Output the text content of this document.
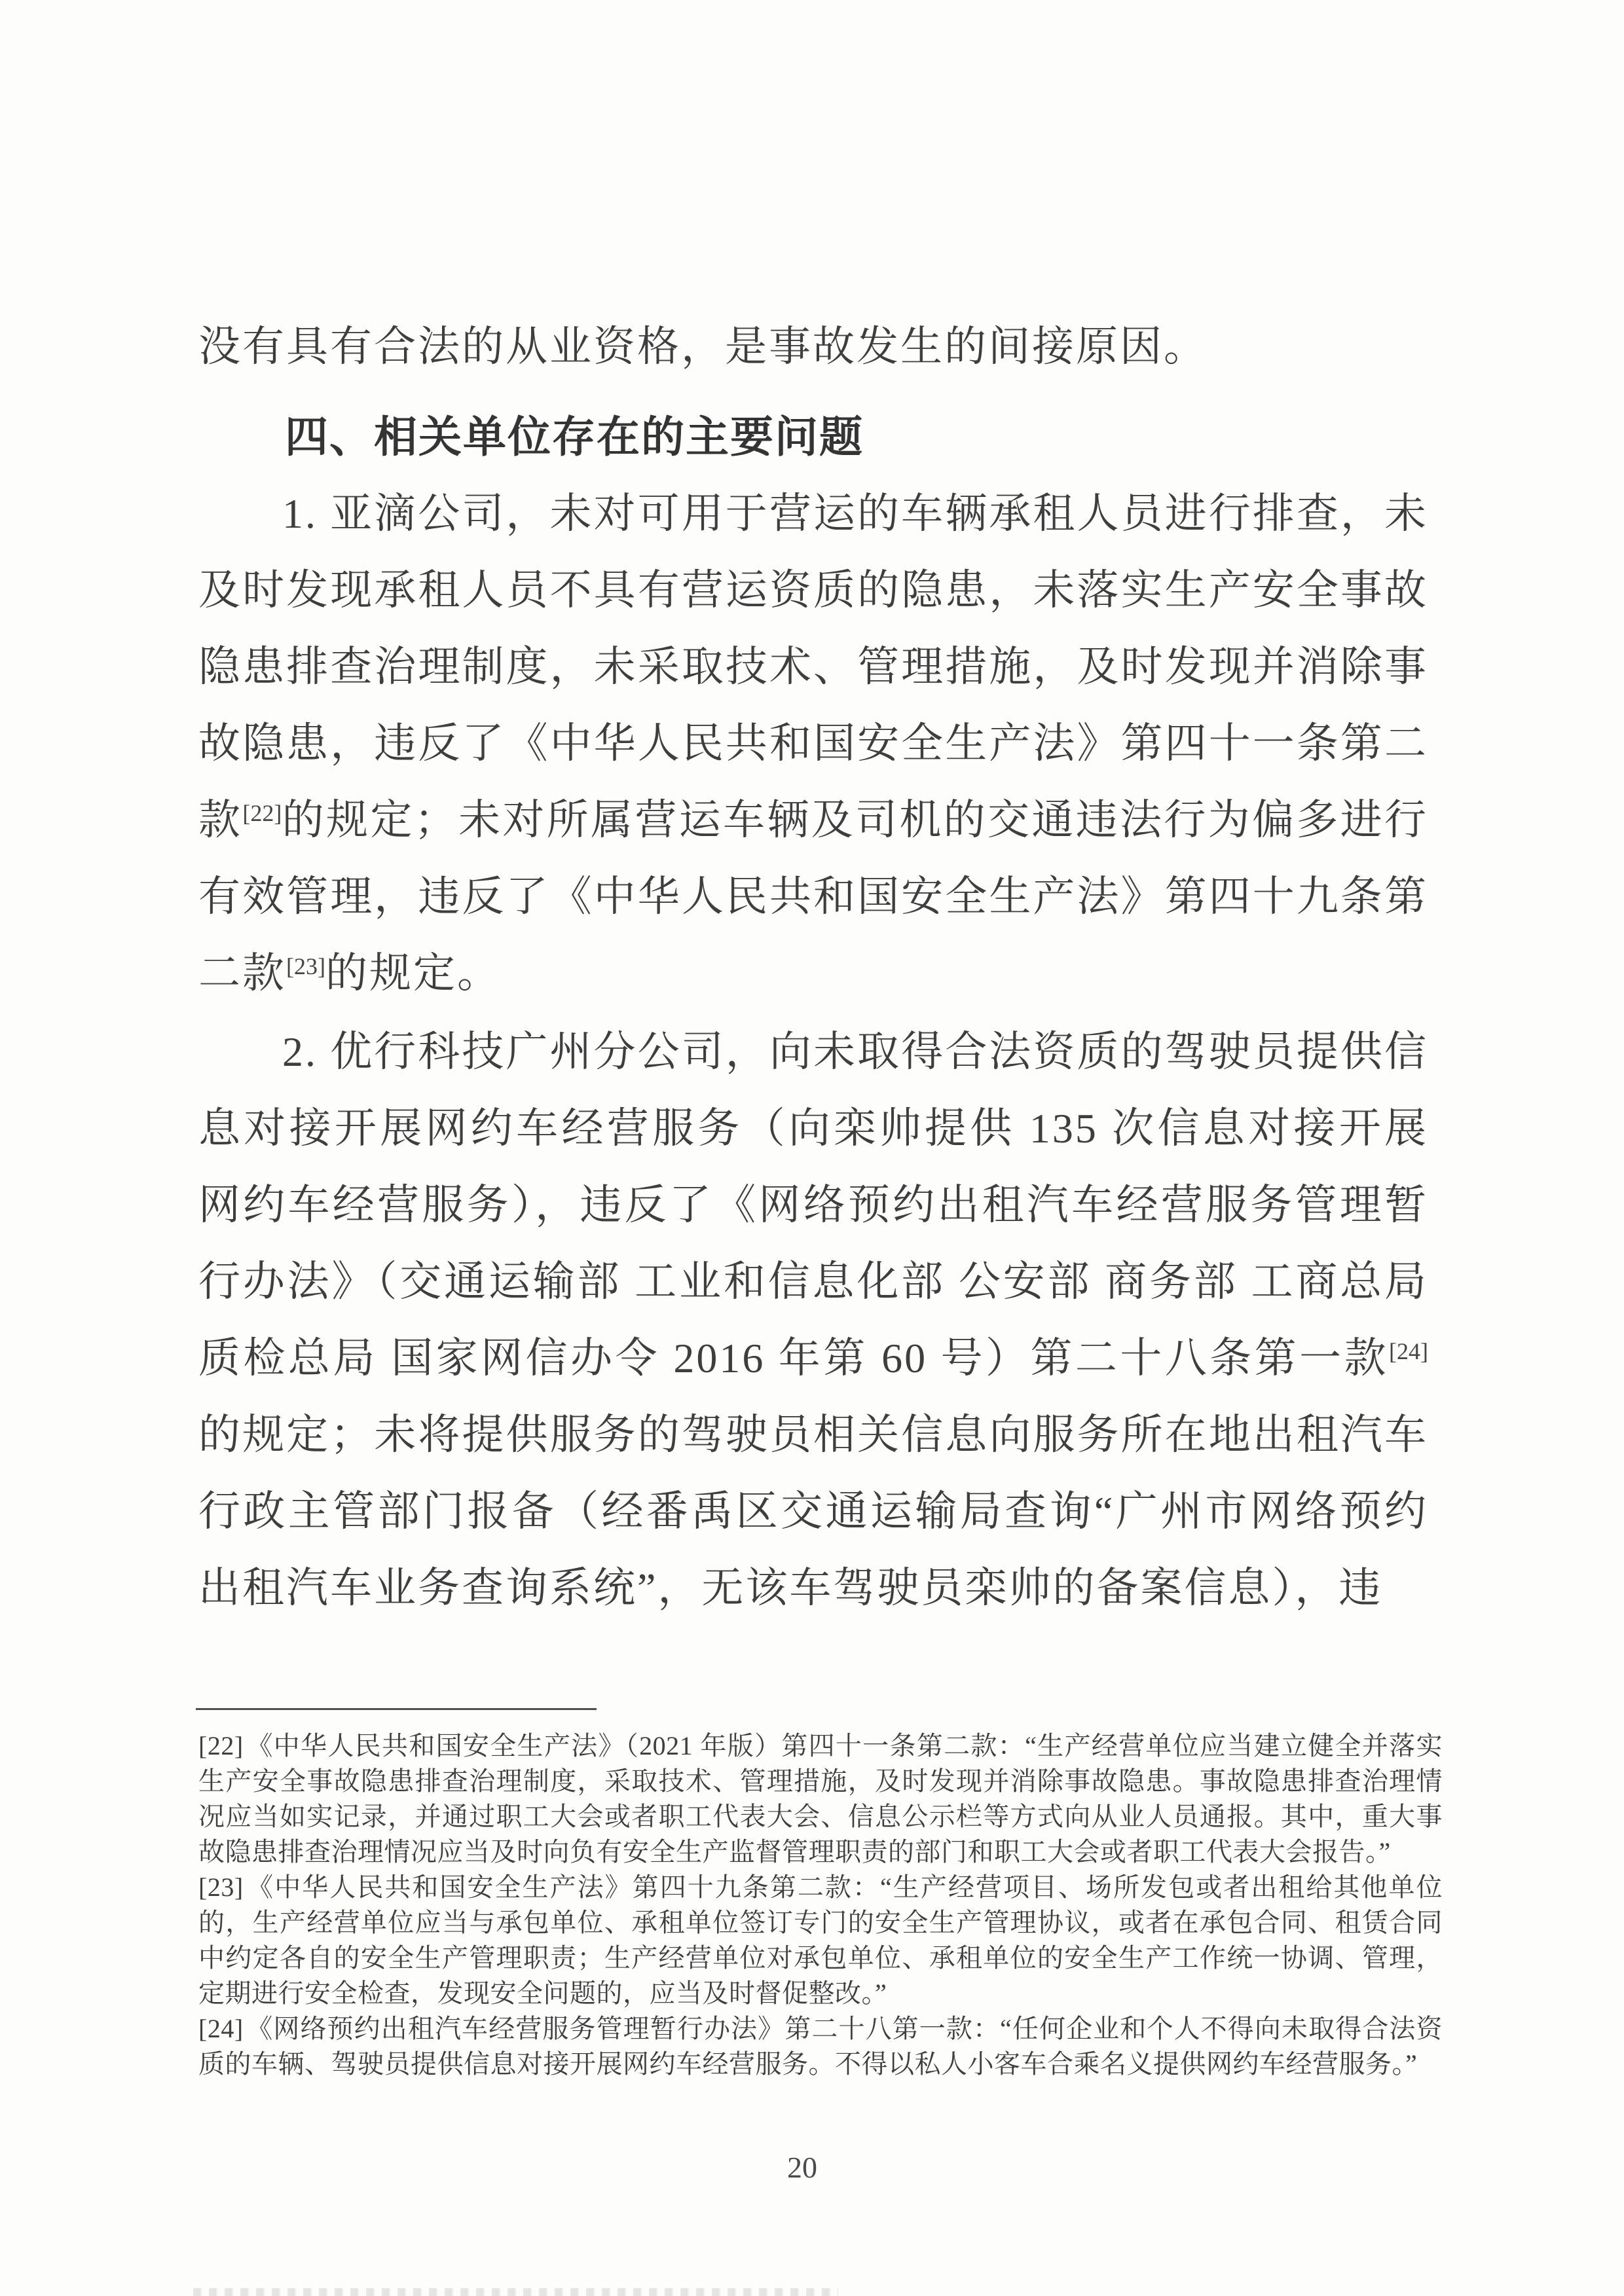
没有具有合法的从业资格，是事故发生的间接原因。

四、相关单位存在的主要问题

1. 亚滴公司，未对可用于营运的车辆承租人员进行排查，未及时发现承租人员不具有营运资质的隐患，未落实生产安全事故隐患排查治理制度，未采取技术、管理措施，及时发现并消除事故隐患，违反了《中华人民共和国安全生产法》第四十一条第二款[22]的规定；未对所属营运车辆及司机的交通违法行为偏多进行有效管理，违反了《中华人民共和国安全生产法》第四十九条第二款[23]的规定。

2. 优行科技广州分公司，向未取得合法资质的驾驶员提供信息对接开展网约车经营服务（向栾帅提供 135 次信息对接开展网约车经营服务），违反了《网络预约出租汽车经营服务管理暂行办法》（交通运输部 工业和信息化部 公安部 商务部 工商总局 质检总局 国家网信办令 2016 年第 60 号）第二十八条第一款[24]的规定；未将提供服务的驾驶员相关信息向服务所在地出租汽车行政主管部门报备（经番禹区交通运输局查询“广州市网络预约出租汽车业务查询系统”，无该车驾驶员栾帅的备案信息），违

[22] 《中华人民共和国安全生产法》（2021 年版）第四十一条第二款：“生产经营单位应当建立健全并落实生产安全事故隐患排查治理制度，采取技术、管理措施，及时发现并消除事故隐患。事故隐患排查治理情况应当如实记录，并通过职工大会或者职工代表大会、信息公示栏等方式向从业人员通报。其中，重大事故隐患排查治理情况应当及时向负有安全生产监督管理职责的部门和职工大会或者职工代表大会报告。”

[23] 《中华人民共和国安全生产法》第四十九条第二款：“生产经营项目、场所发包或者出租给其他单位的，生产经营单位应当与承包单位、承租单位签订专门的安全生产管理协议，或者在承包合同、租赁合同中约定各自的安全生产管理职责；生产经营单位对承包单位、承租单位的安全生产工作统一协调、管理，定期进行安全检查，发现安全问题的，应当及时督促整改。”

[24] 《网络预约出租汽车经营服务管理暂行办法》第二十八第一款：“任何企业和个人不得向未取得合法资质的车辆、驾驶员提供信息对接开展网约车经营服务。不得以私人小客车合乘名义提供网约车经营服务。”

20
